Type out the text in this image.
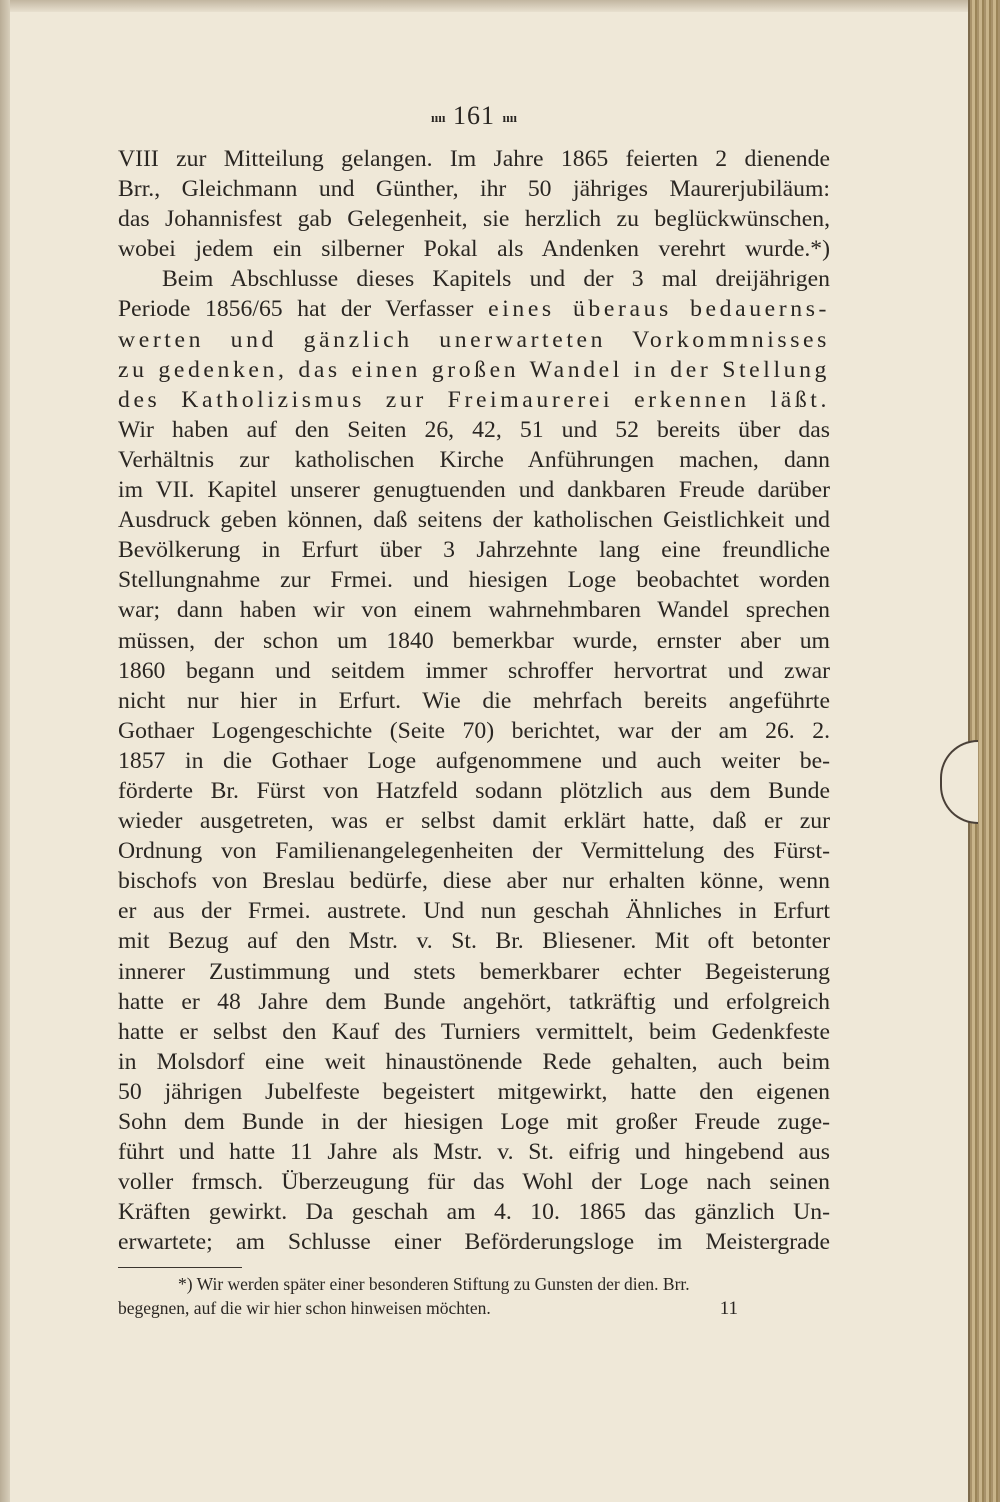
ıııı 161 ıııı

VIII zur Mitteilung gelangen. Im Jahre 1865 feierten 2 dienende

Brr., Gleichmann und Günther, ihr 50 jähriges Maurerjubiläum:

das Johannisfest gab Gelegenheit, sie herzlich zu beglückwünschen,

wobei jedem ein silberner Pokal als Andenken verehrt wurde.*)

Beim Abschlusse dieses Kapitels und der 3 mal dreijährigen

Periode 1856/65 hat der Verfasser eines überaus bedauerns-

werten und gänzlich unerwarteten Vorkommnisses

zu gedenken, das einen großen Wandel in der Stellung

des Katholizismus zur Freimaurerei erkennen läßt.

Wir haben auf den Seiten 26, 42, 51 und 52 bereits über das

Verhältnis zur katholischen Kirche Anführungen machen, dann

im VII. Kapitel unserer genugtuenden und dankbaren Freude darüber

Ausdruck geben können, daß seitens der katholischen Geistlichkeit und

Bevölkerung in Erfurt über 3 Jahrzehnte lang eine freundliche

Stellungnahme zur Frmei. und hiesigen Loge beobachtet worden

war; dann haben wir von einem wahrnehmbaren Wandel sprechen

müssen, der schon um 1840 bemerkbar wurde, ernster aber um

1860 begann und seitdem immer schroffer hervortrat und zwar

nicht nur hier in Erfurt. Wie die mehrfach bereits angeführte

Gothaer Logengeschichte (Seite 70) berichtet, war der am 26. 2.

1857 in die Gothaer Loge aufgenommene und auch weiter be-

förderte Br. Fürst von Hatzfeld sodann plötzlich aus dem Bunde

wieder ausgetreten, was er selbst damit erklärt hatte, daß er zur

Ordnung von Familienangelegenheiten der Vermittelung des Fürst-

bischofs von Breslau bedürfe, diese aber nur erhalten könne, wenn

er aus der Frmei. austrete. Und nun geschah Ähnliches in Erfurt

mit Bezug auf den Mstr. v. St. Br. Bliesener. Mit oft betonter

innerer Zustimmung und stets bemerkbarer echter Begeisterung

hatte er 48 Jahre dem Bunde angehört, tatkräftig und erfolgreich

hatte er selbst den Kauf des Turniers vermittelt, beim Gedenkfeste

in Molsdorf eine weit hinaustönende Rede gehalten, auch beim

50 jährigen Jubelfeste begeistert mitgewirkt, hatte den eigenen

Sohn dem Bunde in der hiesigen Loge mit großer Freude zuge-

führt und hatte 11 Jahre als Mstr. v. St. eifrig und hingebend aus

voller frmsch. Überzeugung für das Wohl der Loge nach seinen

Kräften gewirkt. Da geschah am 4. 10. 1865 das gänzlich Un-

erwartete; am Schlusse einer Beförderungsloge im Meistergrade

*) Wir werden später einer besonderen Stiftung zu Gunsten der dien. Brr.

begegnen, auf die wir hier schon hinweisen möchten.	11
